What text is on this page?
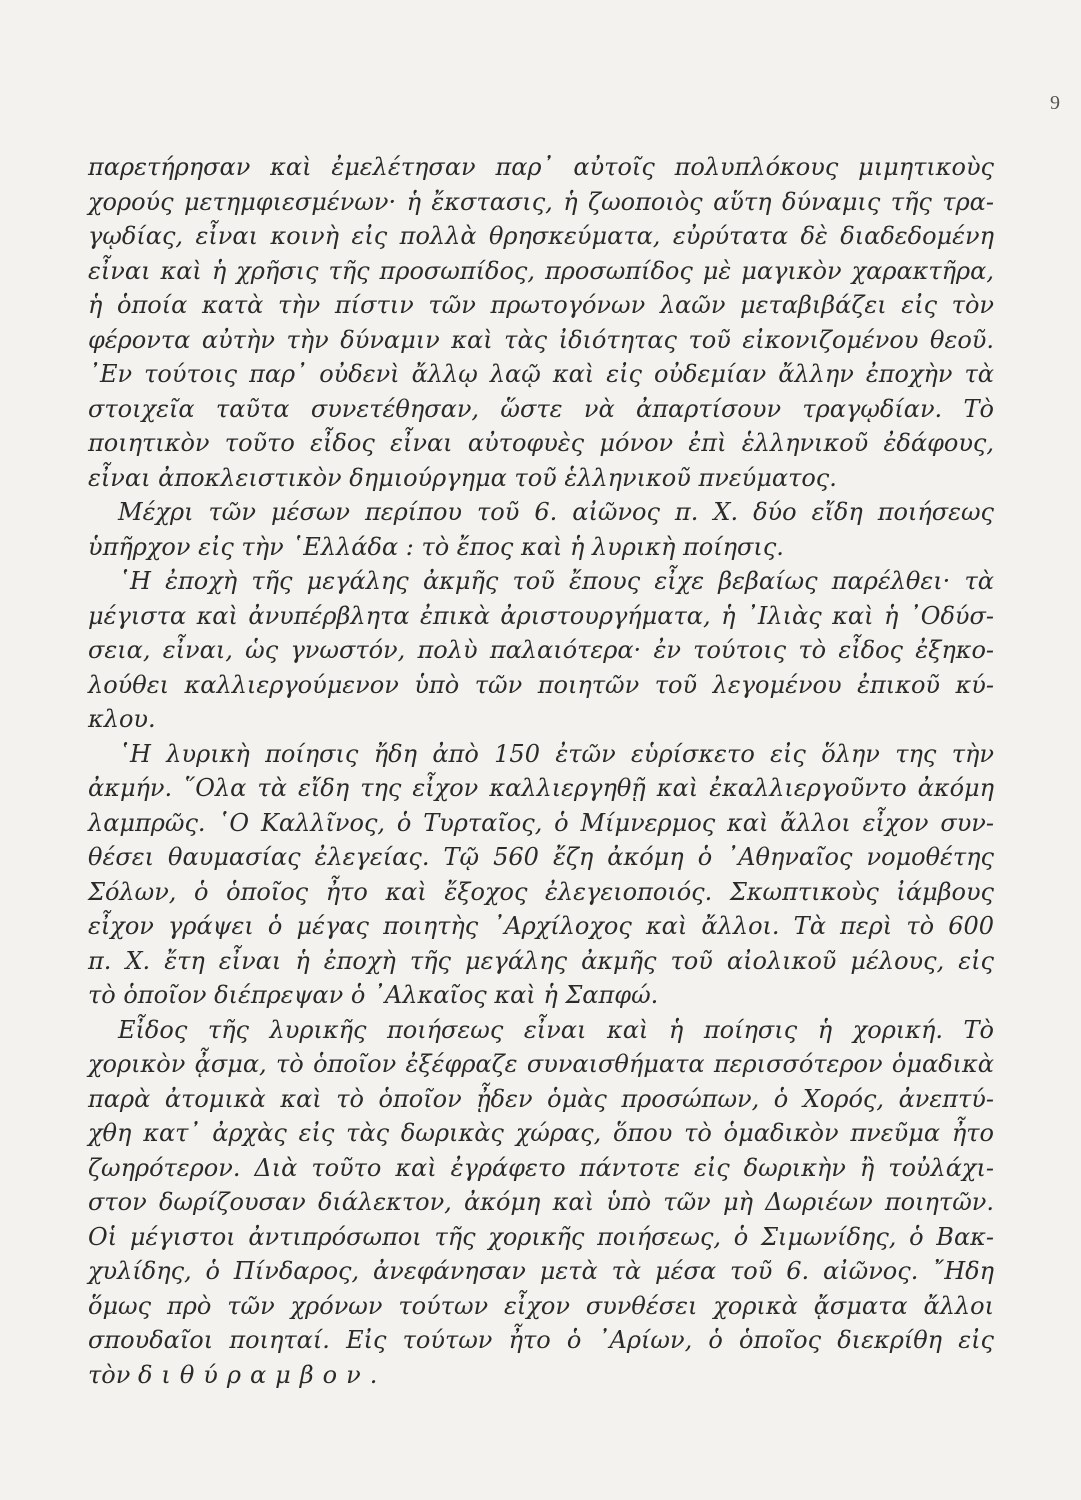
9
παρετήρησαν καὶ ἐμελέτησαν παρ᾽ αὐτοῖς πολυπλόκους μιμητικοὺς
χορούς μετημφιεσμένων· ἡ ἔκστασις, ἡ ζωοποιὸς αὕτη δύναμις τῆς τρα-
γῳδίας, εἶναι κοινὴ εἰς πολλὰ θρησκεύματα, εὐρύτατα δὲ διαδεδομένη
εἶναι καὶ ἡ χρῆσις τῆς προσωπίδος, προσωπίδος μὲ μαγικὸν χαρακτῆρα,
ἡ ὁποία κατὰ τὴν πίστιν τῶν πρωτογόνων λαῶν μεταβιβάζει εἰς τὸν
φέροντα αὐτὴν τὴν δύναμιν καὶ τὰς ἰδιότητας τοῦ εἰκονιζομένου θεοῦ.
᾽Εν τούτοις παρ᾽ οὐδενὶ ἄλλῳ λαῷ καὶ εἰς οὐδεμίαν ἄλλην ἐποχὴν τὰ
στοιχεῖα ταῦτα συνετέθησαν, ὥστε νὰ ἀπαρτίσουν τραγῳδίαν. Τὸ
ποιητικὸν τοῦτο εἶδος εἶναι αὐτοφυὲς μόνον ἐπὶ ἑλληνικοῦ ἐδάφους,
εἶναι ἀποκλειστικὸν δημιούργημα τοῦ ἑλληνικοῦ πνεύματος.
Μέχρι τῶν μέσων περίπου τοῦ 6. αἰῶνος π. Χ. δύο εἴδη ποιήσεως
ὑπῆρχον εἰς τὴν ῾Ελλάδα : τὸ ἔπος καὶ ἡ λυρικὴ ποίησις.
῾Η ἐποχὴ τῆς μεγάλης ἀκμῆς τοῦ ἔπους εἶχε βεβαίως παρέλθει· τὰ
μέγιστα καὶ ἀνυπέρβλητα ἐπικὰ ἀριστουργήματα, ἡ ᾽Ιλιὰς καὶ ἡ ᾽Οδύσ-
σεια, εἶναι, ὡς γνωστόν, πολὺ παλαιότερα· ἐν τούτοις τὸ εἶδος ἐξηκο-
λούθει καλλιεργούμενον ὑπὸ τῶν ποιητῶν τοῦ λεγομένου ἐπικοῦ κύ-
κλου.
῾Η λυρικὴ ποίησις ἤδη ἀπὸ 150 ἐτῶν εὑρίσκετο εἰς ὅλην της τὴν
ἀκμήν. ῞Ολα τὰ εἴδη της εἶχον καλλιεργηθῇ καὶ ἐκαλλιεργοῦντο ἀκόμη
λαμπρῶς. ῾Ο Καλλῖνος, ὁ Τυρταῖος, ὁ Μίμνερμος καὶ ἄλλοι εἶχον συν-
θέσει θαυμασίας ἐλεγείας. Τῷ 560 ἔζη ἀκόμη ὁ ᾽Αθηναῖος νομοθέτης
Σόλων, ὁ ὁποῖος ἦτο καὶ ἔξοχος ἐλεγειοποιός. Σκωπτικοὺς ἰάμβους
εἶχον γράψει ὁ μέγας ποιητὴς ᾽Αρχίλοχος καὶ ἄλλοι. Τὰ περὶ τὸ 600
π. Χ. ἔτη εἶναι ἡ ἐποχὴ τῆς μεγάλης ἀκμῆς τοῦ αἰολικοῦ μέλους, εἰς
τὸ ὁποῖον διέπρεψαν ὁ ᾽Αλκαῖος καὶ ἡ Σαπφώ.
Εἶδος τῆς λυρικῆς ποιήσεως εἶναι καὶ ἡ ποίησις ἡ χορική. Τὸ
χορικὸν ᾆσμα, τὸ ὁποῖον ἐξέφραζε συναισθήματα περισσότερον ὁμαδικὰ
παρὰ ἀτομικὰ καὶ τὸ ὁποῖον ᾖδεν ὁμὰς προσώπων, ὁ Χορός, ἀνεπτύ-
χθη κατ᾽ ἀρχὰς εἰς τὰς δωρικὰς χώρας, ὅπου τὸ ὁμαδικὸν πνεῦμα ἦτο
ζωηρότερον. Διὰ τοῦτο καὶ ἐγράφετο πάντοτε εἰς δωρικὴν ἢ τοὐλάχι-
στον δωρίζουσαν διάλεκτον, ἀκόμη καὶ ὑπὸ τῶν μὴ Δωριέων ποιητῶν.
Οἱ μέγιστοι ἀντιπρόσωποι τῆς χορικῆς ποιήσεως, ὁ Σιμωνίδης, ὁ Βακ-
χυλίδης, ὁ Πίνδαρος, ἀνεφάνησαν μετὰ τὰ μέσα τοῦ 6. αἰῶνος. ῎Ηδη
ὅμως πρὸ τῶν χρόνων τούτων εἶχον συνθέσει χορικὰ ᾄσματα ἄλλοι
σπουδαῖοι ποιηταί. Εἰς τούτων ἦτο ὁ ᾽Αρίων, ὁ ὁποῖος διεκρίθη εἰς
τὸν διθύραμβον.
